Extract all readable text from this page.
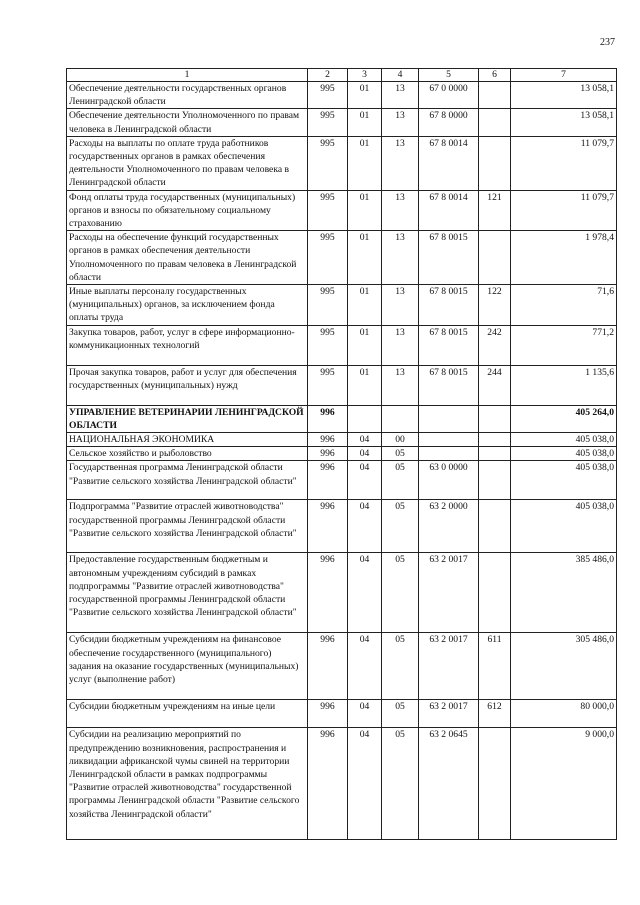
237
1	2	3	4	5	6	7
Обеспечение деятельности государственных органов Ленинградской области	995	01	13	67 0 0000		13 058,1
Обеспечение деятельности Уполномоченного по правам человека в Ленинградской области	995	01	13	67 8 0000		13 058,1
Расходы на выплаты по оплате труда работников государственных органов в рамках обеспечения деятельности Уполномоченного по правам человека в Ленинградской области	995	01	13	67 8 0014		11 079,7
Фонд оплаты труда государственных (муниципальных) органов и взносы по обязательному социальному страхованию	995	01	13	67 8 0014	121	11 079,7
Расходы на обеспечение функций государственных органов в рамках обеспечения деятельности Уполномоченного по правам человека в Ленинградской области	995	01	13	67 8 0015		1 978,4
Иные выплаты персоналу государственных (муниципальных) органов, за исключением фонда оплаты труда	995	01	13	67 8 0015	122	71,6
Закупка товаров, работ, услуг в сфере информационно-коммуникационных технологий	995	01	13	67 8 0015	242	771,2
Прочая закупка товаров, работ и услуг для обеспечения государственных (муниципальных) нужд	995	01	13	67 8 0015	244	1 135,6
УПРАВЛЕНИЕ ВЕТЕРИНАРИИ ЛЕНИНГРАДСКОЙ ОБЛАСТИ	996					405 264,0
НАЦИОНАЛЬНАЯ ЭКОНОМИКА	996	04	00			405 038,0
Сельское хозяйство и рыболовство	996	04	05			405 038,0
Государственная программа Ленинградской области "Развитие сельского хозяйства Ленинградской области"	996	04	05	63 0 0000		405 038,0
Подпрограмма "Развитие отраслей животноводства" государственной программы Ленинградской области "Развитие сельского хозяйства Ленинградской области"	996	04	05	63 2 0000		405 038,0
Предоставление государственным бюджетным и автономным учреждениям субсидий в рамках подпрограммы "Развитие отраслей животноводства" государственной программы Ленинградской области "Развитие сельского хозяйства Ленинградской области"	996	04	05	63 2 0017		385 486,0
Субсидии бюджетным учреждениям на финансовое обеспечение государственного (муниципального) задания на оказание государственных (муниципальных) услуг (выполнение работ)	996	04	05	63 2 0017	611	305 486,0
Субсидии бюджетным учреждениям на иные цели	996	04	05	63 2 0017	612	80 000,0
Субсидии на реализацию мероприятий по предупреждению возникновения, распространения и ликвидации африканской чумы свиней на территории Ленинградской области в рамках подпрограммы "Развитие отраслей животноводства" государственной программы Ленинградской области "Развитие сельского хозяйства Ленинградской области"	996	04	05	63 2 0645		9 000,0
